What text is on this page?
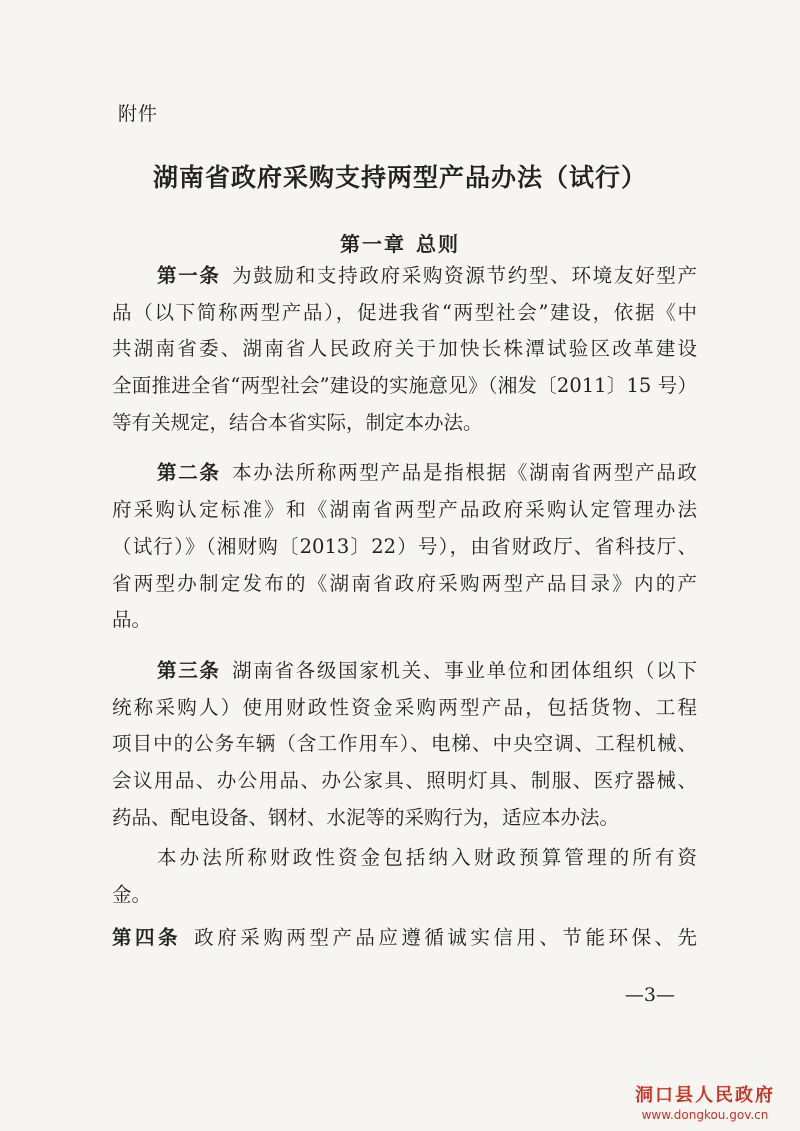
附件
湖南省政府采购支持两型产品办法（试行）
第一章 总则
第一条  为鼓励和支持政府采购资源节约型、环境友好型产
品（以下简称两型产品），促进我省“两型社会”建设，依据《中
共湖南省委、湖南省人民政府关于加快长株潭试验区改革建设
全面推进全省“两型社会”建设的实施意见》（湘发〔2011〕15 号）
等有关规定，结合本省实际，制定本办法。
第二条  本办法所称两型产品是指根据《湖南省两型产品政
府采购认定标准》和《湖南省两型产品政府采购认定管理办法
（试行）》（湘财购〔2013〕22）号），由省财政厅、省科技厅、
省两型办制定发布的《湖南省政府采购两型产品目录》内的产
品。
第三条  湖南省各级国家机关、事业单位和团体组织（以下
统称采购人）使用财政性资金采购两型产品，包括货物、工程
项目中的公务车辆（含工作用车）、电梯、中央空调、工程机械、
会议用品、办公用品、办公家具、照明灯具、制服、医疗器械、
药品、配电设备、钢材、水泥等的采购行为，适应本办法。
本办法所称财政性资金包括纳入财政预算管理的所有资
金。
第四条  政府采购两型产品应遵循诚实信用、节能环保、先
—3—
洞口县人民政府
www.dongkou.gov.cn
